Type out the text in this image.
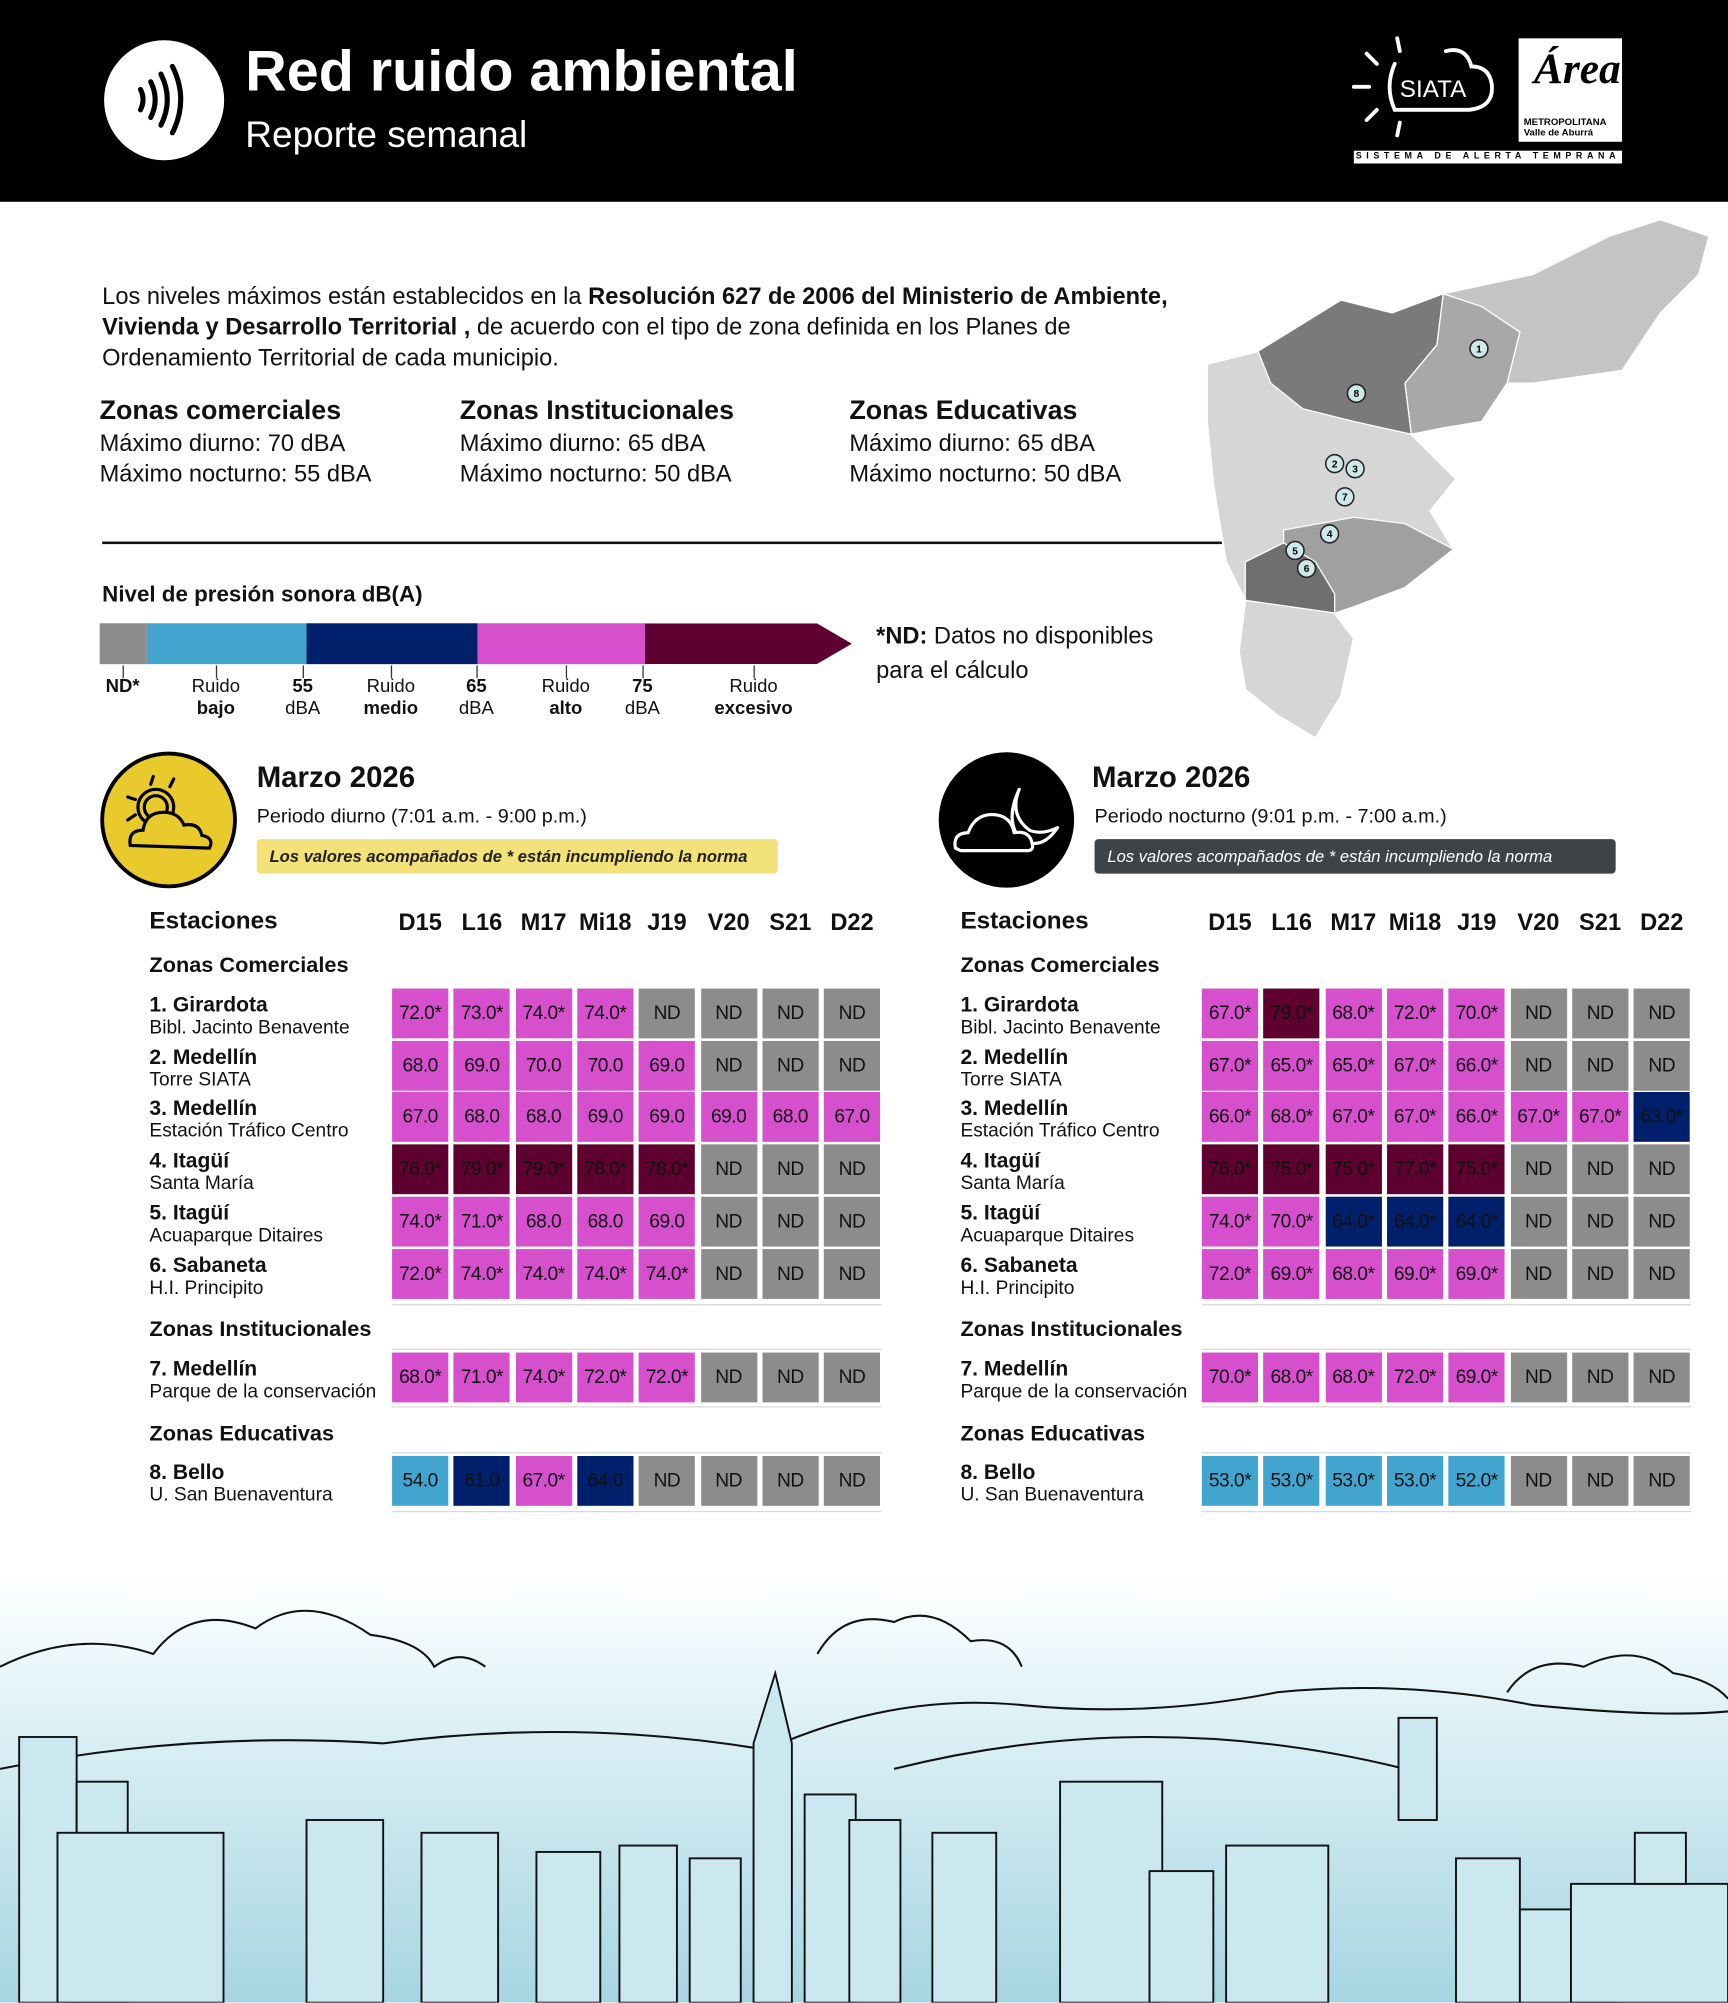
Red ruido ambiental
Reporte semanal
SIATA Área
METROPOLITANA
Valle de Aburrá
SISTEMA DE ALERTA TEMPRANA
Los niveles máximos están establecidos en la Resolución 627 de 2006 del Ministerio de Ambiente, Vivienda y Desarrollo Territorial , de acuerdo con el tipo de zona definida en los Planes de Ordenamiento Territorial de cada municipio.
Zonas comerciales
Máximo diurno: 70 dBA
Máximo nocturno: 55 dBA
Zonas Institucionales
Máximo diurno: 65 dBA
Máximo nocturno: 50 dBA
Zonas Educativas
Máximo diurno: 65 dBA
Máximo nocturno: 50 dBA
1
2 3
4
5
6
7
8
Nivel de presión sonora dB(A)
ND*	Ruido
bajo
55
dBA
Ruido
medio
65
dBA
Ruido
alto
75
dBA
Ruido
excesivo
*ND: Datos no disponibles
para el cálculo
Marzo 2026
Periodo diurno (7:01 a.m. - 9:00 p.m.)
Los valores acompañados de * están incumpliendo la norma
Marzo 2026
Periodo nocturno (9:01 p.m. - 7:00 a.m.)
Los valores acompañados de * están incumpliendo la norma
Estaciones	D15	L16 M17 Mi18 J19	V20	S21	D22
Zonas Comerciales
1. Girardota
Bibl. Jacinto Benavente
72.0*	73.0*	74.0*	74.0*	ND	ND	ND	ND
2. Medellín
Torre SIATA
68.0	69.0	70.0	70.0	69.0	ND	ND	ND
3. Medellín
Estación Tráfico Centro
67.0	68.0	68.0	69.0	69.0	69.0	68.0	67.0
4. Itagüí
Santa María
76.0*	79.0*	79.0*	78.0*	78.0*	ND	ND	ND
5. Itagüí
Acuaparque Ditaires
74.0*	71.0*	68.0	68.0	69.0	ND	ND	ND
6. Sabaneta
H.I. Principito
72.0*	74.0*	74.0*	74.0*	74.0*	ND	ND	ND
Zonas Institucionales
7. Medellín
Parque de la conservación
68.0*	71.0*	74.0*	72.0*	72.0*	ND	ND	ND
Zonas Educativas
8. Bello
U. San Buenaventura
54.0	61.0	67.0*	64.0	ND	ND	ND	ND
Estaciones	D15	L16 M17 Mi18 J19	V20	S21	D22
Zonas Comerciales
1. Girardota
Bibl. Jacinto Benavente
67.0*	79.0*	68.0*	72.0*	70.0*	ND	ND	ND
2. Medellín
Torre SIATA
67.0*	65.0*	65.0*	67.0*	66.0*	ND	ND	ND
3. Medellín
Estación Tráfico Centro
66.0*	68.0*	67.0*	67.0*	66.0*	67.0*	67.0*	63.0*
4. Itagüí
Santa María
76.0*	75.0*	75.0*	77.0*	75.0*	ND	ND	ND
5. Itagüí
Acuaparque Ditaires
74.0*	70.0*	64.0*	64.0*	64.0*	ND	ND	ND
6. Sabaneta
H.I. Principito
72.0*	69.0*	68.0*	69.0*	69.0*	ND	ND	ND
Zonas Institucionales
7. Medellín
Parque de la conservación
70.0*	68.0*	68.0*	72.0*	69.0*	ND	ND	ND
Zonas Educativas
8. Bello
U. San Buenaventura
53.0*	53.0*	53.0*	53.0*	52.0*	ND	ND	ND
